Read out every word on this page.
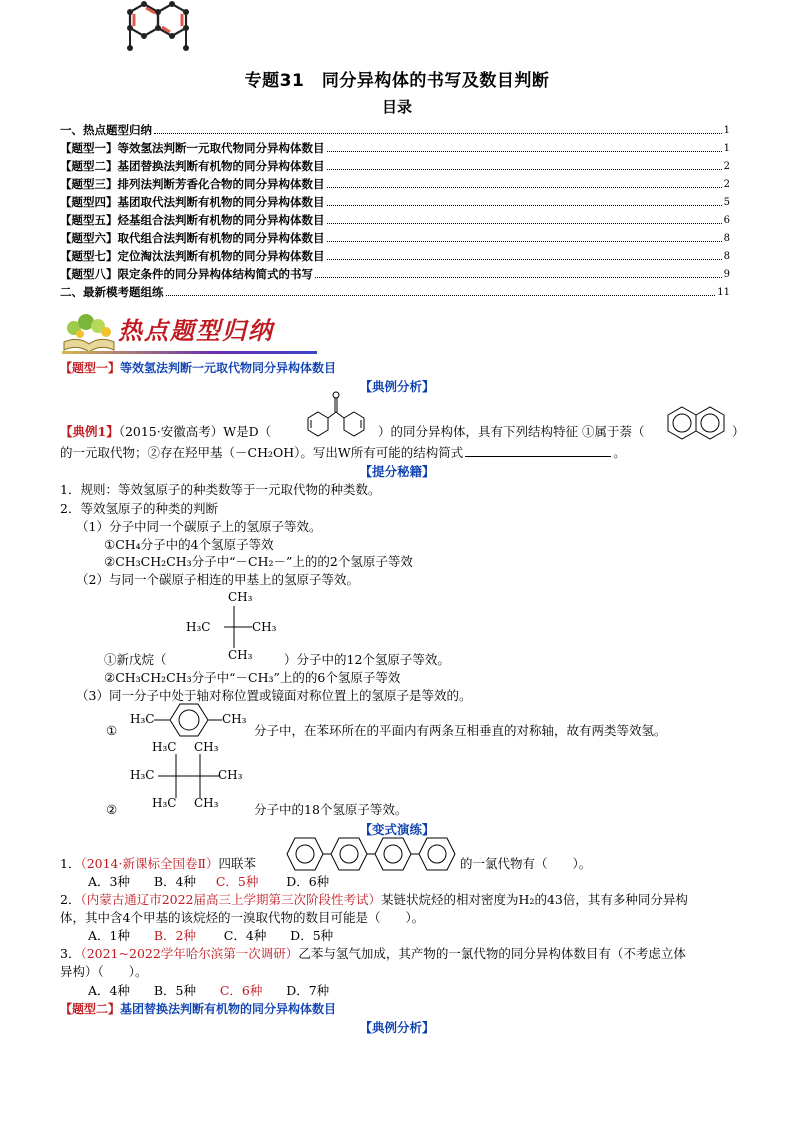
专题31　同分异构体的书写及数目判断
目录
一、热点题型归纳	1
【题型一】等效氢法判断一元取代物同分异构体数目	1
【题型二】基团替换法判断有机物的同分异构体数目	2
【题型三】排列法判断芳香化合物的同分异构体数目	2
【题型四】基团取代法判断有机物的同分异构体数目	5
【题型五】烃基组合法判断有机物的同分异构体数目	6
【题型六】取代组合法判断有机物的同分异构体数目	8
【题型七】定位淘汰法判断有机物的同分异构体数目	8
【题型八】限定条件的同分异构体结构简式的书写	9
二、最新模考题组练	11
热点题型归纳
【题型一】等效氢法判断一元取代物同分异构体数目
【典例分析】
【典例1】（2015·安徽高考）W是D（	）的同分异构体，具有下列结构特征 ①属于萘（	）
的一元取代物；②存在羟甲基（－CH₂OH）。写出W所有可能的结构简式	。
【提分秘籍】
1．规则：等效氢原子的种类数等于一元取代物的种类数。
2．等效氢原子的种类的判断
（1）分子中同一个碳原子上的氢原子等效。
①CH₄分子中的4个氢原子等效
②CH₃CH₂CH₃分子中“－CH₂－”上的的2个氢原子等效
（2）与同一个碳原子相连的甲基上的氢原子等效。
CH₃
H₃C	CH₃
CH₃
①新戊烷（	）分子中的12个氢原子等效。
②CH₃CH₂CH₃分子中“－CH₃”上的的6个氢原子等效
（3）同一分子中处于轴对称位置或镜面对称位置上的氢原子是等效的。
①
H₃C	CH₃
分子中，在苯环所在的平面内有两条互相垂直的对称轴，故有两类等效氢。
H₃C CH₃
H₃C	CH₃
H₃C CH₃
②	分子中的18个氢原子等效。
【变式演练】
1．（2014·新课标全国卷Ⅱ）四联苯	的一氯代物有（　　）。
A．3种 B．4种 C．5种 D．6种
2．（内蒙古通辽市2022届高三上学期第三次阶段性考试）某链状烷烃的相对密度为H₂的43倍，其有多种同分异构
体，其中含4个甲基的该烷烃的一溴取代物的数目可能是（　　）。
A．1种 B．2种 C．4种 D．5种
3．（2021~2022学年哈尔滨第一次调研）乙苯与氢气加成，其产物的一氯代物的同分异构体数目有（不考虑立体
异构）（　　）。
A．4种 B．5种 C．6种 D．7种
【题型二】基团替换法判断有机物的同分异构体数目
【典例分析】
